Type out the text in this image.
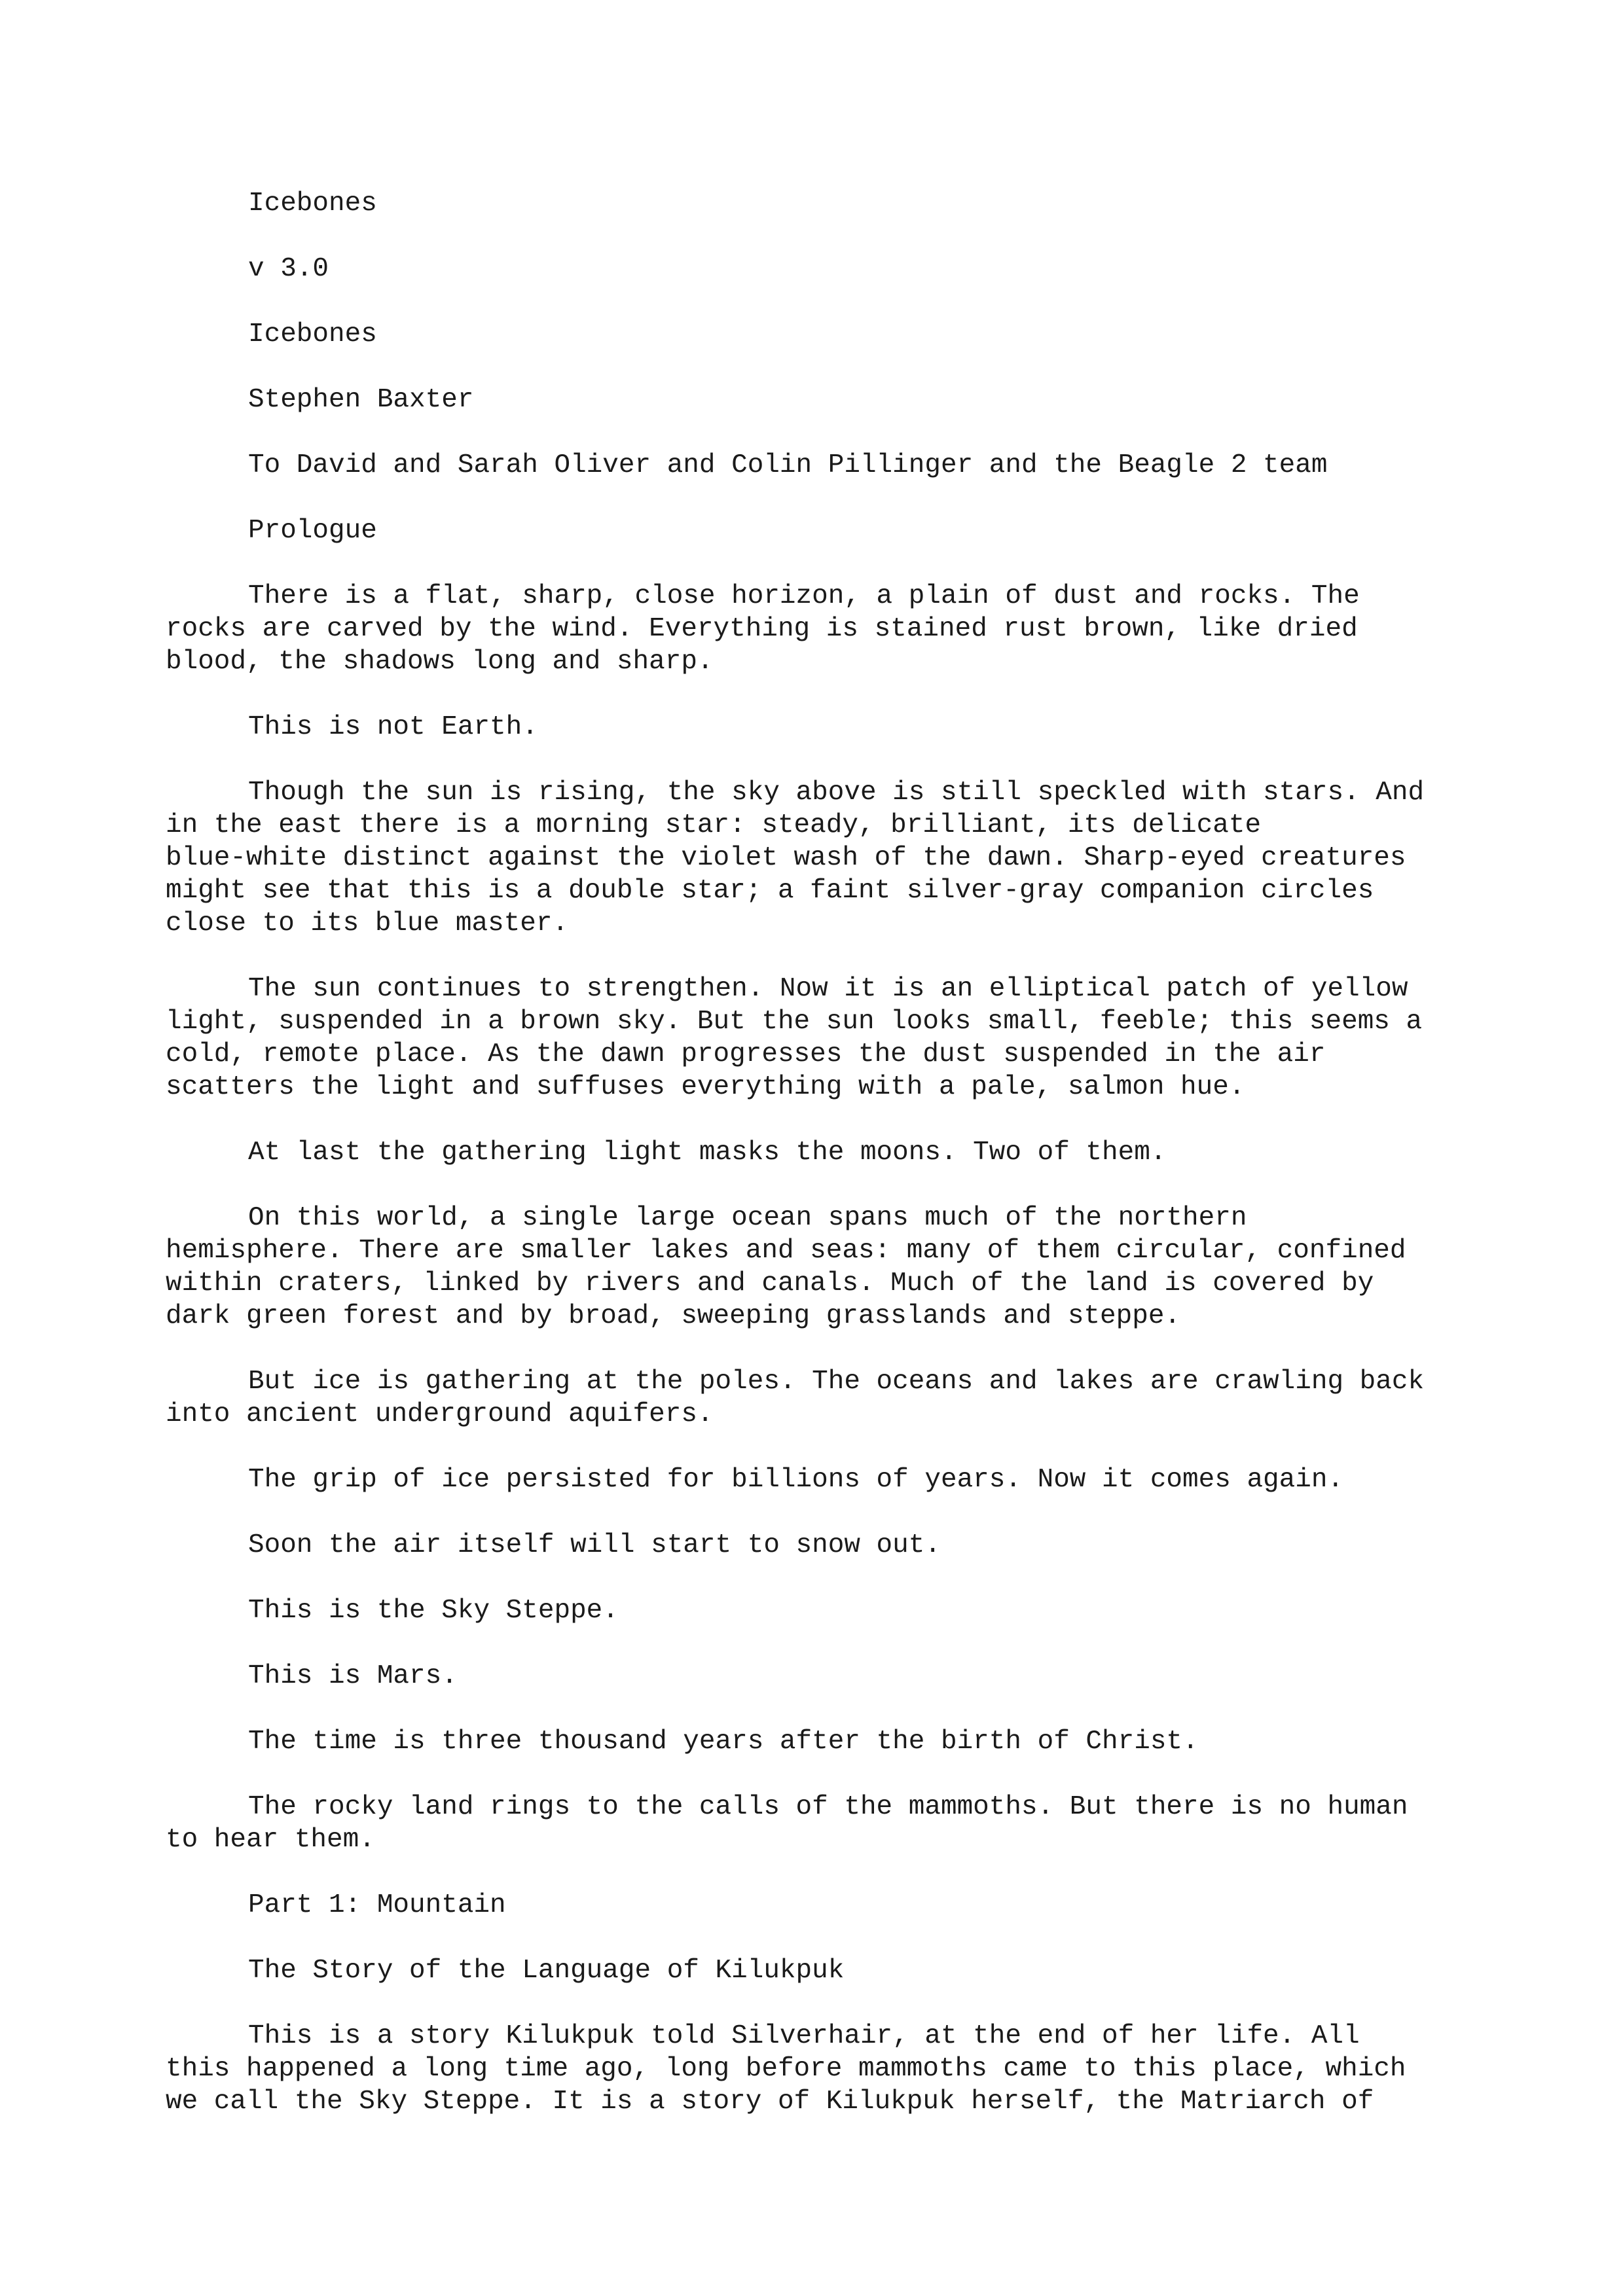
Icebones

v 3.0

Icebones

Stephen Baxter

To David and Sarah Oliver and Colin Pillinger and the Beagle 2 team

Prologue

There is a flat, sharp, close horizon, a plain of dust and rocks. The
rocks are carved by the wind. Everything is stained rust brown, like dried
blood, the shadows long and sharp.

This is not Earth.

Though the sun is rising, the sky above is still speckled with stars. And
in the east there is a morning star: steady, brilliant, its delicate
blue-white distinct against the violet wash of the dawn. Sharp-eyed creatures
might see that this is a double star; a faint silver-gray companion circles
close to its blue master.

The sun continues to strengthen. Now it is an elliptical patch of yellow
light, suspended in a brown sky. But the sun looks small, feeble; this seems a
cold, remote place. As the dawn progresses the dust suspended in the air
scatters the light and suffuses everything with a pale, salmon hue.

At last the gathering light masks the moons. Two of them.

On this world, a single large ocean spans much of the northern
hemisphere. There are smaller lakes and seas: many of them circular, confined
within craters, linked by rivers and canals. Much of the land is covered by
dark green forest and by broad, sweeping grasslands and steppe.

But ice is gathering at the poles. The oceans and lakes are crawling back
into ancient underground aquifers.

The grip of ice persisted for billions of years. Now it comes again.

Soon the air itself will start to snow out.

This is the Sky Steppe.

This is Mars.

The time is three thousand years after the birth of Christ.

The rocky land rings to the calls of the mammoths. But there is no human
to hear them.

Part 1: Mountain

The Story of the Language of Kilukpuk

This is a story Kilukpuk told Silverhair, at the end of her life. All
this happened a long time ago, long before mammoths came to this place, which
we call the Sky Steppe. It is a story of Kilukpuk herself, the Matriarch of
